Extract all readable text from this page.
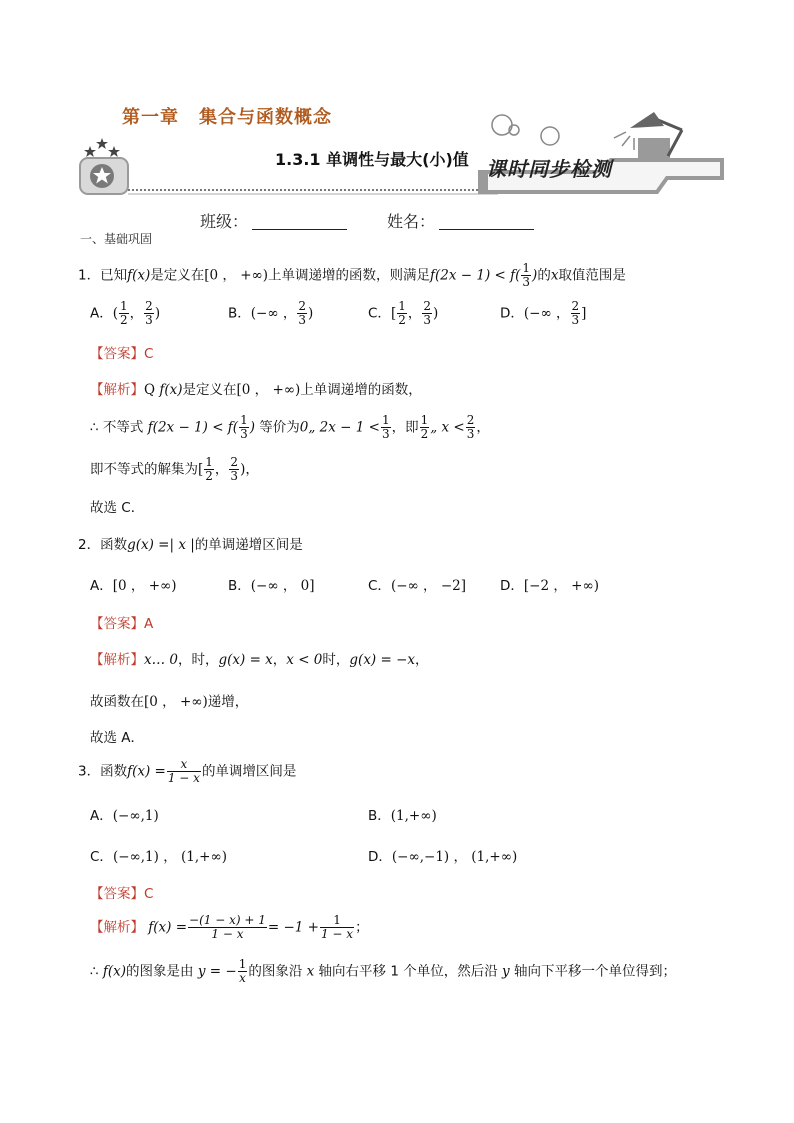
第一章 集合与函数概念
1.3.1 单调性与最大(小)值 课时同步检测
班级：	姓名：
一、基础巩固
1．已知f(x)是定义在[0 ， +∞)上单调递增的函数，则满足$f(2x - 1) < f( \frac{1}{3}$ )的x取值范围是
A．( $\frac{1}{2}$ ， $\frac{2}{3}$ )	B．(−∞ ， $\frac{2}{3}$ )	C．[ $\frac{1}{2}$ ， $\frac{2}{3}$ )	D．(−∞ ， $\frac{2}{3}$ ]
【答案】C
【解析】Q f(x)是定义在[0 ， +∞)上单调递增的函数，
∴ 不等式 $f(2x - 1) < f( \frac{1}{3}$ ) 等价为0„ $2x - 1 < \frac{1}{3}$ ，即 $\frac{1}{2}$ „ $x < \frac{2}{3}$ ，
即不等式的解集为[ $\frac{1}{2}$ ， $\frac{2}{3}$ )，
故选 C．
2．函数g(x) =| x |的单调递增区间是
A．[0 ， +∞)	B．(−∞ ， 0]	C．(−∞ ， −2]	D．[−2 ， +∞)
【答案】A
【解析】x… 0，时，g(x) = x，x < 0时，g(x) = −x，
故函数在[0 ， +∞)递增，
故选 A．
3．函数$f(x) = \frac{x}{1 - x}$ 的单调增区间是
A．(−∞,1)	B．(1,+∞)
C．(−∞,1) ， (1,+∞)	D．(−∞,−1) ， (1,+∞)
【答案】C
【解析】 $f(x) = \frac{-(1 - x) + 1}{1 - x} = -1 + \frac{1}{1 - x}$ ；
∴ f(x)的图象是由 y = − $\frac{1}{x}$ 的图象沿 x 轴向右平移 1 个单位，然后沿 y 轴向下平移一个单位得到；
